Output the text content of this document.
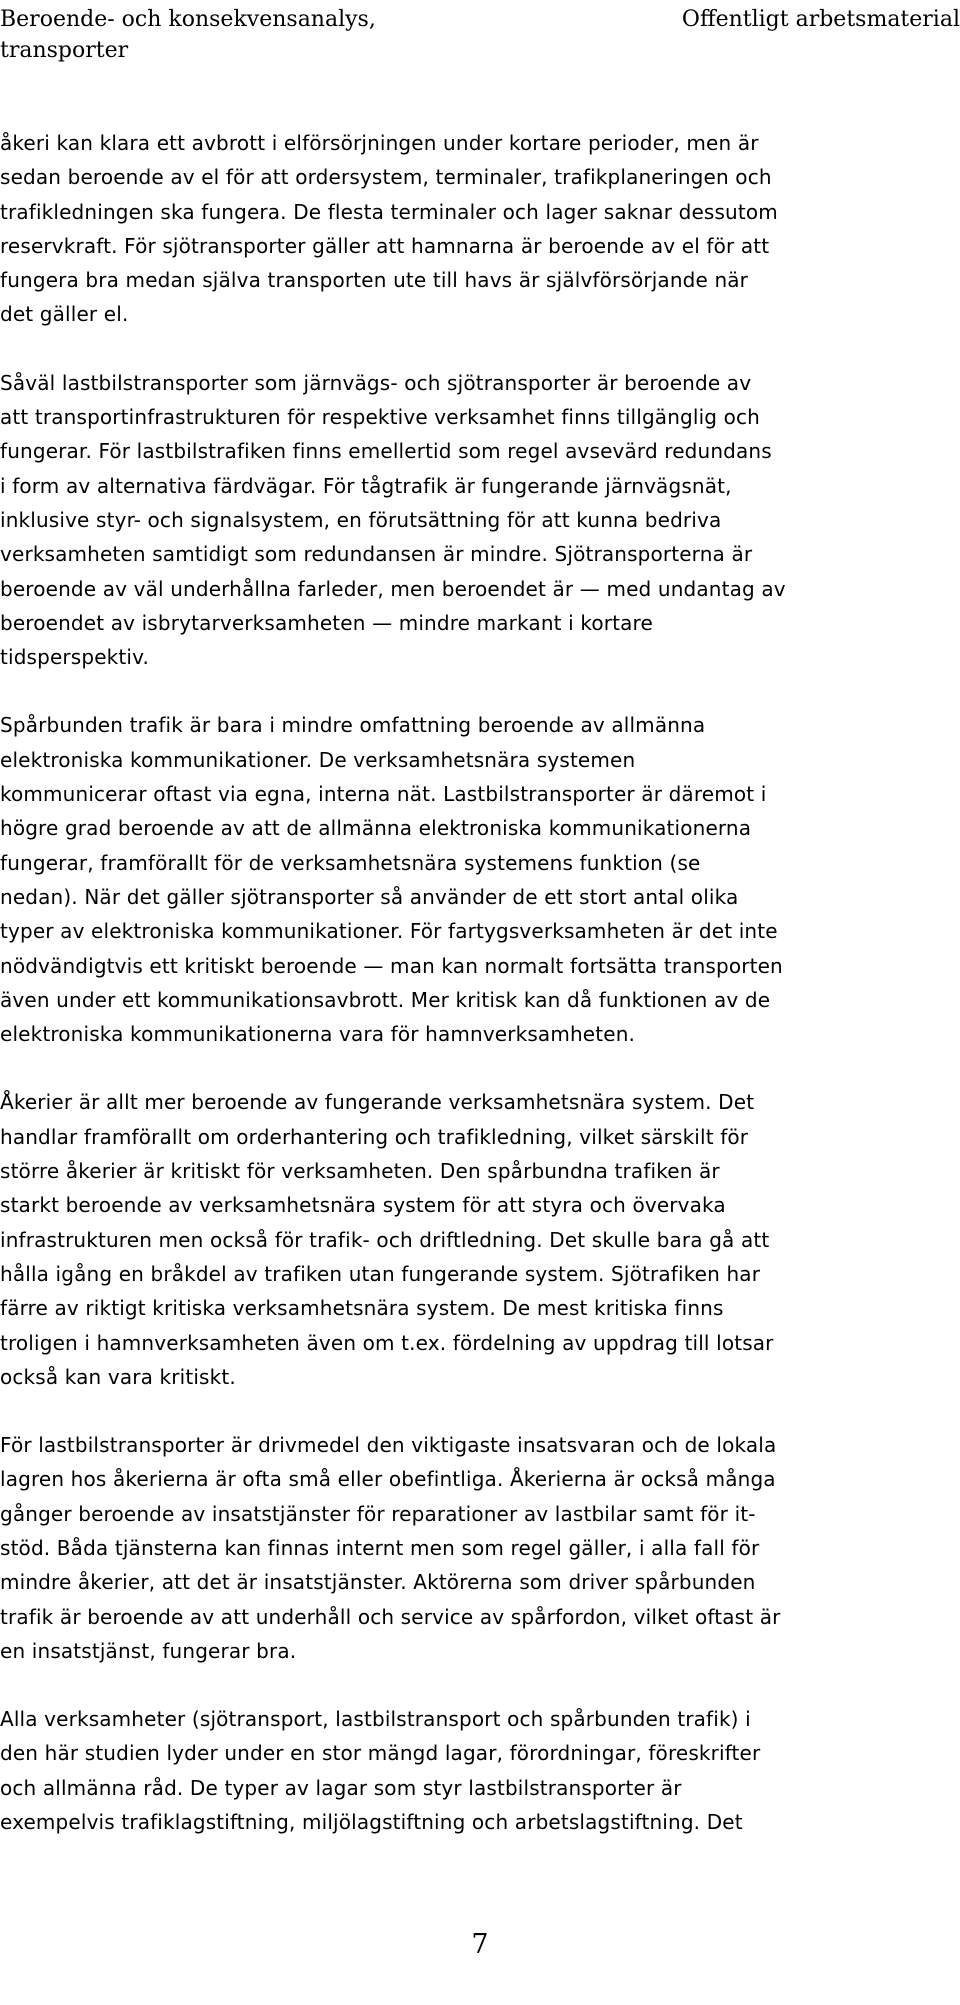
Beroende- och konsekvensanalys,
transporter
Offentligt arbetsmaterial

åkeri kan klara ett avbrott i elförsörjningen under kortare perioder, men är
sedan beroende av el för att ordersystem, terminaler, trafikplaneringen och
trafikledningen ska fungera. De flesta terminaler och lager saknar dessutom
reservkraft. För sjötransporter gäller att hamnarna är beroende av el för att
fungera bra medan själva transporten ute till havs är självförsörjande när
det gäller el.

Såväl lastbilstransporter som järnvägs- och sjötransporter är beroende av
att transportinfrastrukturen för respektive verksamhet finns tillgänglig och
fungerar. För lastbilstrafiken finns emellertid som regel avsevärd redundans
i form av alternativa färdvägar. För tågtrafik är fungerande järnvägsnät,
inklusive styr- och signalsystem, en förutsättning för att kunna bedriva
verksamheten samtidigt som redundansen är mindre. Sjötransporterna är
beroende av väl underhållna farleder, men beroendet är — med undantag av
beroendet av isbrytarverksamheten — mindre markant i kortare
tidsperspektiv.

Spårbunden trafik är bara i mindre omfattning beroende av allmänna
elektroniska kommunikationer. De verksamhetsnära systemen
kommunicerar oftast via egna, interna nät. Lastbilstransporter är däremot i
högre grad beroende av att de allmänna elektroniska kommunikationerna
fungerar, framförallt för de verksamhetsnära systemens funktion (se
nedan). När det gäller sjötransporter så använder de ett stort antal olika
typer av elektroniska kommunikationer. För fartygsverksamheten är det inte
nödvändigtvis ett kritiskt beroende — man kan normalt fortsätta transporten
även under ett kommunikationsavbrott. Mer kritisk kan då funktionen av de
elektroniska kommunikationerna vara för hamnverksamheten.

Åkerier är allt mer beroende av fungerande verksamhetsnära system. Det
handlar framförallt om orderhantering och trafikledning, vilket särskilt för
större åkerier är kritiskt för verksamheten. Den spårbundna trafiken är
starkt beroende av verksamhetsnära system för att styra och övervaka
infrastrukturen men också för trafik- och driftledning. Det skulle bara gå att
hålla igång en bråkdel av trafiken utan fungerande system. Sjötrafiken har
färre av riktigt kritiska verksamhetsnära system. De mest kritiska finns
troligen i hamnverksamheten även om t.ex. fördelning av uppdrag till lotsar
också kan vara kritiskt.

För lastbilstransporter är drivmedel den viktigaste insatsvaran och de lokala
lagren hos åkerierna är ofta små eller obefintliga. Åkerierna är också många
gånger beroende av insatstjänster för reparationer av lastbilar samt för it-
stöd. Båda tjänsterna kan finnas internt men som regel gäller, i alla fall för
mindre åkerier, att det är insatstjänster. Aktörerna som driver spårbunden
trafik är beroende av att underhåll och service av spårfordon, vilket oftast är
en insatstjänst, fungerar bra.

Alla verksamheter (sjötransport, lastbilstransport och spårbunden trafik) i
den här studien lyder under en stor mängd lagar, förordningar, föreskrifter
och allmänna råd. De typer av lagar som styr lastbilstransporter är
exempelvis trafiklagstiftning, miljölagstiftning och arbetslagstiftning. Det

7
